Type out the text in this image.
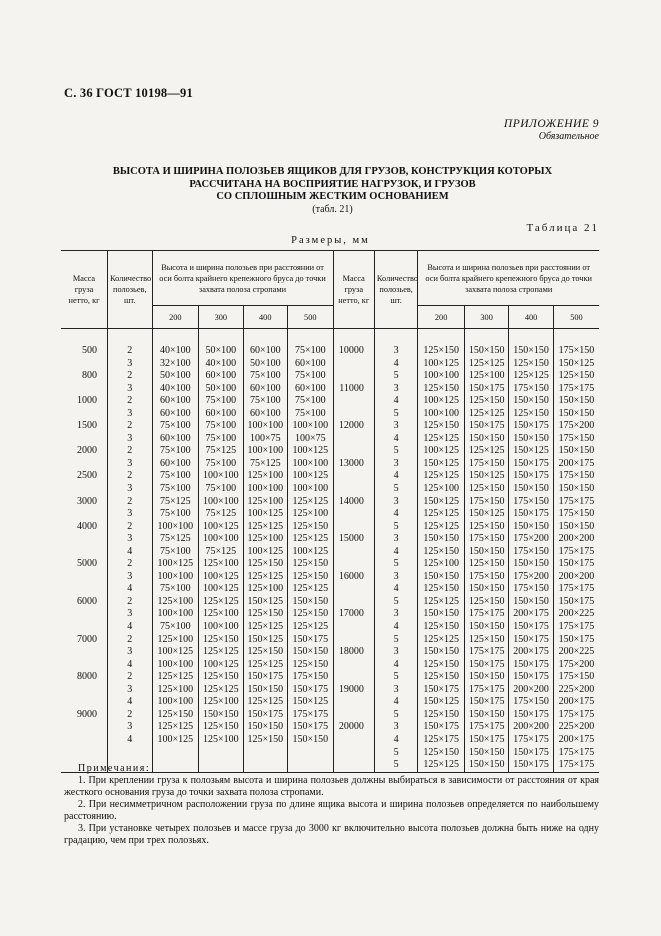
С. 36 ГОСТ 10198—91
ПРИЛОЖЕНИЕ 9
Обязательное
ВЫСОТА И ШИРИНА ПОЛОЗЬЕВ ЯЩИКОВ ДЛЯ ГРУЗОВ, КОНСТРУКЦИЯ КОТОРЫХ
РАССЧИТАНА НА ВОСПРИЯТИЕ НАГРУЗОК, И ГРУЗОВ
СО СПЛОШНЫМ ЖЕСТКИМ ОСНОВАНИЕМ
(табл. 21)
Таблица 21
Размеры, мм
Масса груза нетто, кг	Количество полозьев, шт.	Высота и ширина полозьев при расстоянии от оси болта крайнего крепежного бруса до точки захвата полоза стропами				Масса груза нетто, кг	Количество полозьев, шт.	Высота и ширина полозьев при расстоянии от оси болта крайнего крепежного бруса до точки захвата полоза стропами			
		200	300	400	500			200	300	400	500

500	2	40×100	50×100	60×100	75×100	10000	3	125×150	150×150	150×150	175×150
	3	32×100	40×100	50×100	60×100		4	100×125	125×125	125×150	150×125
800	2	50×100	60×100	75×100	75×100		5	100×100	125×100	125×125	125×150
	3	40×100	50×100	60×100	60×100	11000	3	125×150	150×175	175×150	175×175
1000	2	60×100	75×100	75×100	75×100		4	100×125	125×150	150×150	150×150
	3	60×100	60×100	60×100	75×100		5	100×100	125×125	125×150	150×150
1500	2	75×100	75×100	100×100	100×100	12000	3	125×150	150×175	150×175	175×200
	3	60×100	75×100	100×75	100×75		4	125×125	150×150	150×150	175×150
2000	2	75×100	75×125	100×100	100×125		5	100×125	125×125	150×125	150×150
	3	60×100	75×100	75×125	100×100	13000	3	150×125	175×150	150×175	200×175
2500	2	75×100	100×100	125×100	100×125		4	125×125	150×125	150×175	175×150
	3	75×100	75×100	100×100	100×100		5	125×100	125×150	150×150	150×150
3000	2	75×125	100×100	125×100	125×125	14000	3	150×125	175×150	175×150	175×175
	3	75×100	75×125	100×125	125×100		4	125×125	150×125	150×175	175×150
4000	2	100×100	100×125	125×125	125×150		5	125×125	125×150	150×150	150×150
	3	75×125	100×100	125×100	125×125	15000	3	150×150	175×150	175×200	200×200
	4	75×100	75×125	100×125	100×125		4	125×150	150×150	175×150	175×175
5000	2	100×125	125×100	125×150	125×150		5	125×100	125×150	150×150	150×175
	3	100×100	100×125	125×125	125×150	16000	3	150×150	175×150	175×200	200×200
	4	75×100	100×125	125×100	125×125		4	125×150	150×150	175×150	175×175
6000	2	125×100	125×125	150×125	150×150		5	125×125	125×150	150×150	150×175
	3	100×100	125×100	125×150	125×150	17000	3	150×150	175×175	200×175	200×225
	4	75×100	100×100	125×125	125×125		4	125×150	150×150	150×175	175×175
7000	2	125×100	125×150	150×125	150×175		5	125×125	125×150	150×175	150×175
	3	100×125	125×125	125×150	150×150	18000	3	150×150	175×175	200×175	200×225
	4	100×100	100×125	125×125	125×150		4	125×150	150×175	150×175	175×200
8000	2	125×125	125×150	150×175	175×150		5	125×150	150×150	150×175	175×150
	3	125×100	125×125	150×150	150×175	19000	3	150×175	175×175	200×200	225×200
	4	100×100	125×100	125×125	150×125		4	150×125	150×175	175×150	200×175
9000	2	125×150	150×150	150×175	175×175		5	125×150	150×150	150×175	175×175
	3	125×125	125×150	150×150	150×175	20000	3	150×175	175×175	200×200	225×200
	4	100×125	125×100	125×150	150×150		4	125×175	150×175	175×175	200×175
							5	125×150	150×150	150×175	175×175
							5	125×125	150×150	150×175	175×175
Примечания:
1. При креплении груза к полозьям высота и ширина полозьев должны выбираться в зависимости от расстояния от края жесткого основания груза до точки захвата полоза стропами.
2. При несимметричном расположении груза по длине ящика высота и ширина полозьев определяется по наибольшему расстоянию.
3. При установке четырех полозьев и массе груза до 3000 кг включительно высота полозьев должна быть ниже на одну градацию, чем при трех полозьях.
